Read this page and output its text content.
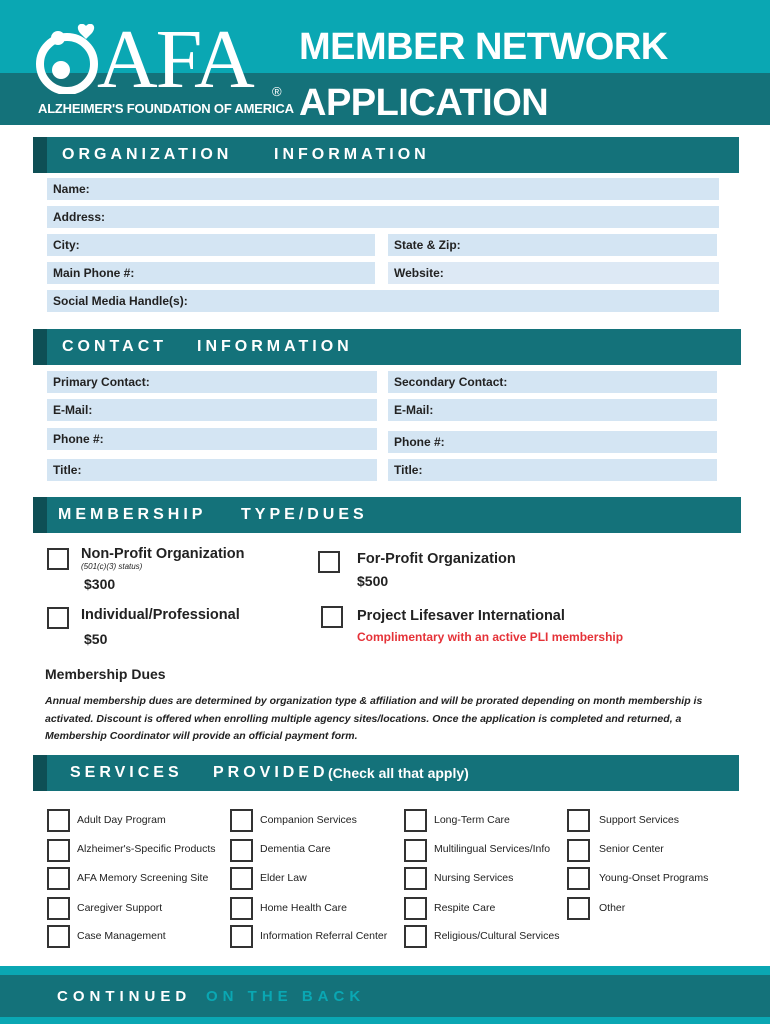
AFA ®
ALZHEIMER'S FOUNDATION OF AMERICA
MEMBER NETWORK
APPLICATION
ORGANIZATION	INFORMATION
Name:
Address:
City:	State & Zip:
Main Phone #:	Website:
Social Media Handle(s):
CONTACT INFORMATION
Primary Contact:	Secondary Contact:
E-Mail:	E-Mail:
Phone #:	Phone #:
Title:	Title:
MEMBERSHIP TYPE/DUES
Non-Profit Organization
(501(c)(3) status)
$300
For-Profit Organization
$500
Individual/Professional
$50
Project Lifesaver International
Complimentary with an active PLI membership
Membership Dues
Annual membership dues are determined by organization type & affiliation and will be prorated depending on month membership is activated. Discount is offered when enrolling multiple agency sites/locations. Once the application is completed and returned, a Membership Coordinator will provide an official payment form.
SERVICES PROVIDED (Check all that apply)
Adult Day Program
Alzheimer's-Specific Products
AFA Memory Screening Site
Caregiver Support
Case Management
Companion Services
Dementia Care
Elder Law
Home Health Care
Information Referral Center
Long-Term Care
Multilingual Services/Info
Nursing Services
Respite Care
Religious/Cultural Services
Support Services
Senior Center
Young-Onset Programs
Other
CONTINUED ON THE BACK
